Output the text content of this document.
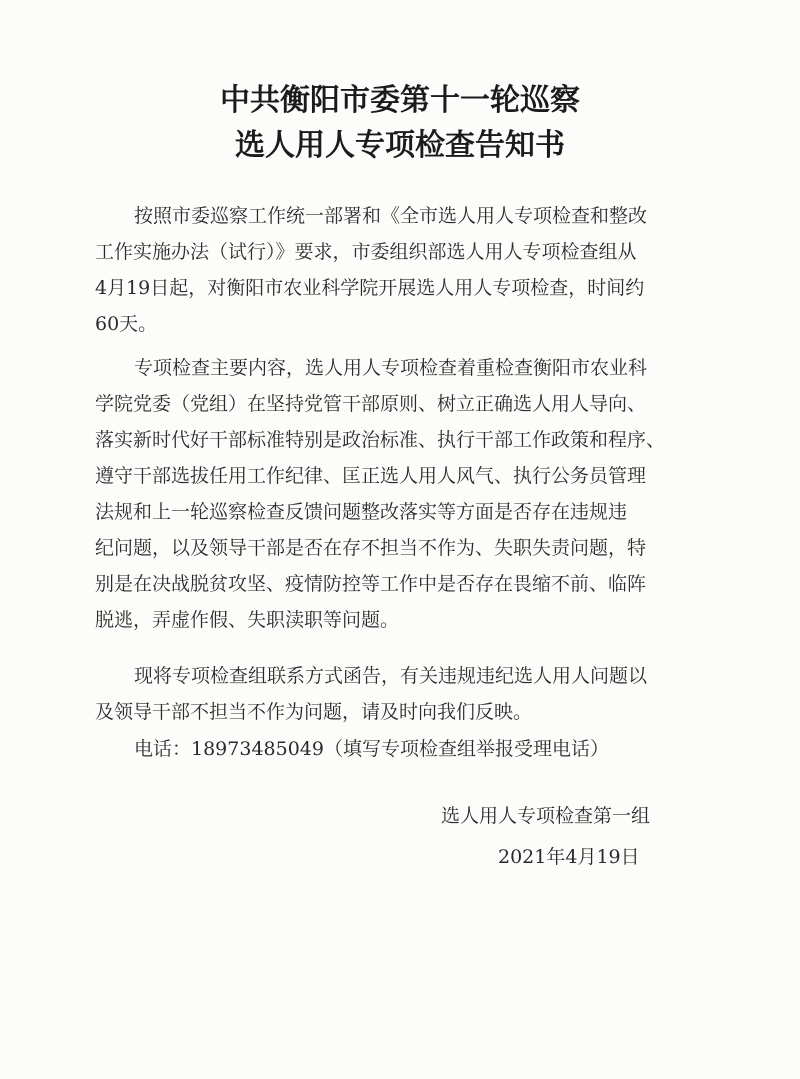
中共衡阳市委第十一轮巡察
选人用人专项检查告知书
按照市委巡察工作统一部署和《全市选人用人专项检查和整改
工作实施办法（试行）》要求，市委组织部选人用人专项检查组从
4月19日起，对衡阳市农业科学院开展选人用人专项检查，时间约
60天。
专项检查主要内容，选人用人专项检查着重检查衡阳市农业科
学院党委（党组）在坚持党管干部原则、树立正确选人用人导向、
落实新时代好干部标准特别是政治标准、执行干部工作政策和程序、
遵守干部选拔任用工作纪律、匡正选人用人风气、执行公务员管理
法规和上一轮巡察检查反馈问题整改落实等方面是否存在违规违
纪问题，以及领导干部是否在存不担当不作为、失职失责问题，特
别是在决战脱贫攻坚、疫情防控等工作中是否存在畏缩不前、临阵
脱逃，弄虚作假、失职渎职等问题。
现将专项检查组联系方式函告，有关违规违纪选人用人问题以
及领导干部不担当不作为问题，请及时向我们反映。
电话：18973485049（填写专项检查组举报受理电话）
选人用人专项检查第一组
2021年4月19日
